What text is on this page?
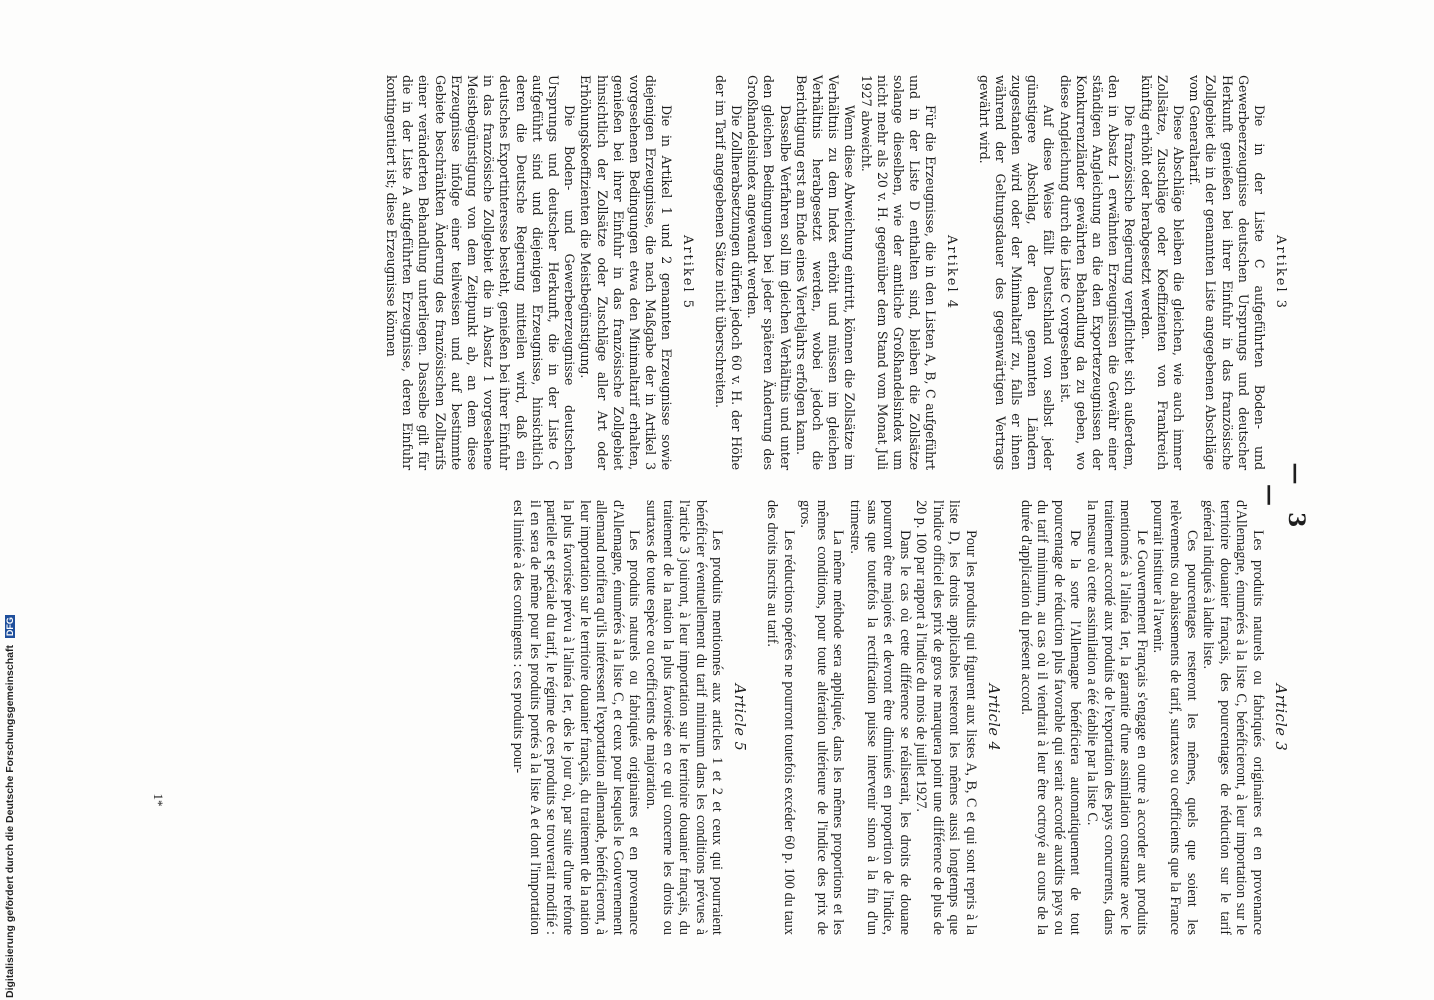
— 3 —
Article 3

Les produits naturels ou fabriqués originaires et en provenance d'Allemagne, énumérés à la liste C, bénéficieront, à leur importation sur le territoire douanier français, des pourcentages de réduction sur le tarif général indiqués à ladite liste.

Ces pourcentages resteront les mêmes, quels que soient les relèvements ou abaissements de tarif, surtaxes ou coefficients que la France pourrait instituer à l'avenir.

Le Gouvernement Français s'engage en outre à accorder aux produits mentionnés à l'alinéa 1er, la garantie d'une assimilation constante avec le traitement accordé aux produits de l'exportation des pays concurrents, dans la mesure où cette assimilation a été établie par la liste C.

De la sorte l'Allemagne bénéficiera automatiquement de tout pourcentage de réduction plus favorable qui serait accordé auxdits pays ou du tarif minimum, au cas où il viendrait à leur être octroyé au cours de la durée d'application du présent accord.

Article 4

Pour les produits qui figurent aux listes A, B, C et qui sont repris à la liste D, les droits applicables resteront les mêmes aussi longtemps que l'indice officiel des prix de gros ne marquera point une différence de plus de 20 p. 100 par rapport à l'indice du mois de juillet 1927.

Dans le cas où cette différence se réaliserait, les droits de douane pourront être majorés et devront être diminués en proportion de l'indice, sans que toutefois la rectification puisse intervenir sinon à la fin d'un trimestre.

La même méthode sera appliquée, dans les mêmes proportions et les mêmes conditions, pour toute altération ultérieure de l'indice des prix de gros.

Les réductions opérées ne pourront toutefois excéder 60 p. 100 du taux des droits inscrits au tarif.

Article 5

Les produits mentionnés aux articles 1 et 2 et ceux qui pourraient bénéficier éventuellement du tarif minimum dans les conditions prévues à l'article 3 jouiront, à leur importation sur le territoire douanier français, du traitement de la nation la plus favorisée en ce qui concerne les droits ou surtaxes de toute espèce ou coefficients de majoration.

Les produits naturels ou fabriqués originaires et en provenance d'Allemagne, énumérés à la liste C, et ceux pour lesquels le Gouvernement allemand notifiera qu'ils intéressent l'exportation allemande, bénéficieront, à leur importation sur le territoire douanier français, du traitement de la nation la plus favorisée prévu à l'alinéa 1er, dès le jour où, par suite d'une refonte partielle et spéciale du tarif, le régime de ces produits se trouverait modifié : il en sera de même pour les produits portés à la liste A et dont l'importation est limitée à des contingents : ces produits pour-

Artikel 3

Die in der Liste C aufgeführten Boden- und Gewerbeerzeugnisse deutschen Ursprungs und deutscher Herkunft genießen bei ihrer Einfuhr in das französische Zollgebiet die in der genannten Liste angegebenen Abschläge vom Generaltarif.

Diese Abschläge bleiben die gleichen, wie auch immer Zollsätze, Zuschläge oder Koeffizienten von Frankreich künftig erhöht oder herabgesetzt werden.

Die französische Regierung verpflichtet sich außerdem, den in Absatz 1 erwähnten Erzeugnissen die Gewähr einer ständigen Angleichung an die den Exporterzeugnissen der Konkurrenzländer gewährten Behandlung da zu geben, wo diese Angleichung durch die Liste C vorgesehen ist.

Auf diese Weise fällt Deutschland von selbst jeder günstigere Abschlag, der den genannten Ländern zugestanden wird oder der Minimaltarif zu, falls er ihnen während der Geltungsdauer des gegenwärtigen Vertrags gewährt wird.

Artikel 4

Für die Erzeugnisse, die in den Listen A, B, C aufgeführt und in der Liste D enthalten sind, bleiben die Zollsätze solange dieselben, wie der amtliche Großhandelsindex um nicht mehr als 20 v. H. gegenüber dem Stand vom Monat Juli 1927 abweicht.

Wenn diese Abweichung eintritt, können die Zollsätze im Verhältnis zu dem Index erhöht und müssen im gleichen Verhältnis herabgesetzt werden, wobei jedoch die Berichtigung erst am Ende eines Vierteljahrs erfolgen kann.

Dasselbe Verfahren soll im gleichen Verhältnis und unter den gleichen Bedingungen bei jeder späteren Änderung des Großhandelsindex angewandt werden.

Die Zollherabsetzungen dürfen jedoch 60 v. H. der Höhe der im Tarif angegebenen Sätze nicht überschreiten.

Artikel 5

Die in Artikel 1 und 2 genannten Erzeugnisse sowie diejenigen Erzeugnisse, die nach Maßgabe der in Artikel 3 vorgesehenen Bedingungen etwa den Minimaltarif erhalten, genießen bei ihrer Einfuhr in das französische Zollgebiet hinsichtlich der Zollsätze oder Zuschläge aller Art oder Erhöhungskoeffizienten die Meistbegünstigung.

Die Boden- und Gewerbeerzeugnisse deutschen Ursprungs und deutscher Herkunft, die in der Liste C aufgeführt sind und diejenigen Erzeugnisse, hinsichtlich deren die Deutsche Regierung mitteilen wird, daß ein deutsches Exportinteresse besteht, genießen bei ihrer Einfuhr in das französische Zollgebiet die in Absatz 1 vorgesehene Meistbegünstigung von dem Zeitpunkt ab, an dem diese Erzeugnisse infolge einer teilweisen und auf bestimmte Gebiete beschränkten Änderung des französischen Zolltarifs einer veränderten Behandlung unterliegen. Dasselbe gilt für die in der Liste A aufgeführten Erzeugnisse, deren Einfuhr kontingentiert ist; diese Erzeugnisse können

1*
Digitalisierung gefördert durch die Deutsche Forschungsgemeinschaft DFG
